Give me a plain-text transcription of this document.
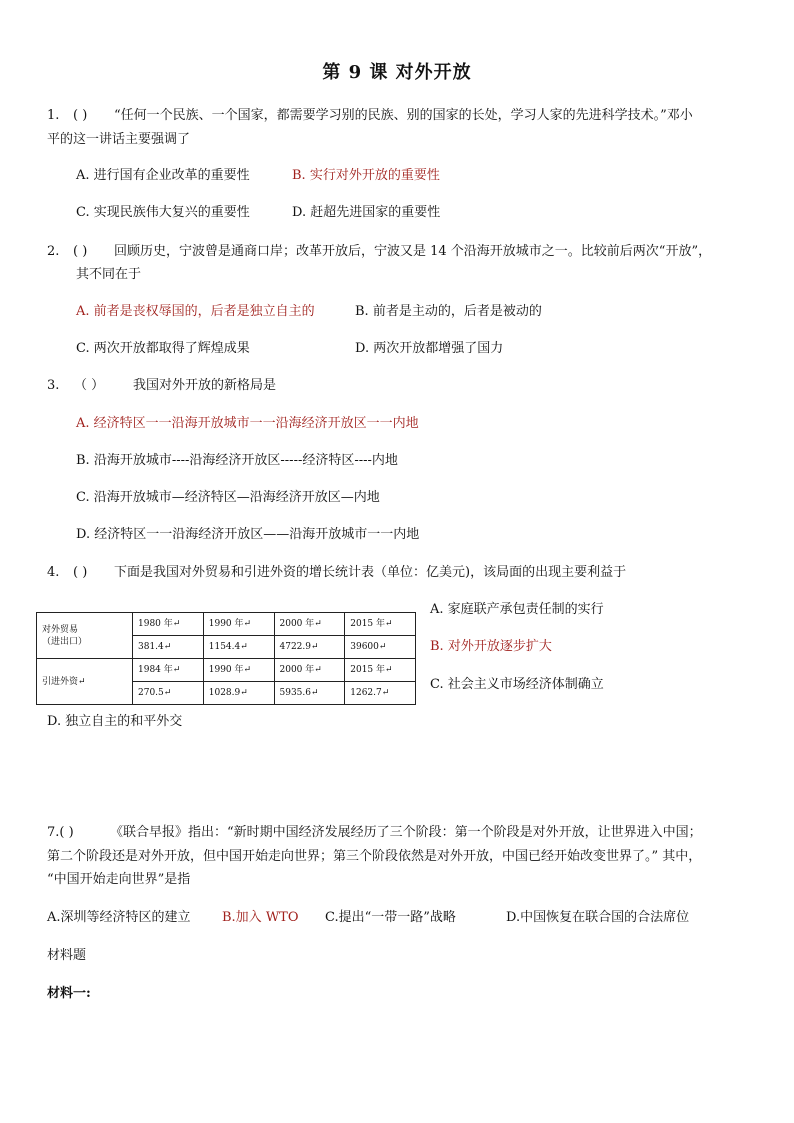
第 9 课 对外开放
1. ( ) “任何一个民族、一个国家，都需要学习别的民族、别的国家的长处，学习人家的先进科学技术。”邓小
平的这一讲话主要强调了
A. 进行国有企业改革的重要性	B. 实行对外开放的重要性
C. 实现民族伟大复兴的重要性	D. 赶超先进国家的重要性
2. ( ) 回顾历史，宁波曾是通商口岸；改革开放后，宁波又是 14 个沿海开放城市之一。比较前后两次“开放”，
其不同在于
A. 前者是丧权辱国的，后者是独立自主的	B. 前者是主动的，后者是被动的
C. 两次开放都取得了辉煌成果	D. 两次开放都增强了国力
3. （ ） 我国对外开放的新格局是
A. 经济特区一一沿海开放城市一一沿海经济开放区一一内地
B. 沿海开放城市----沿海经济开放区-----经济特区----内地
C. 沿海开放城市—经济特区—沿海经济开放区—内地
D. 经济特区一一沿海经济开放区——沿海开放城市一一内地
4. ( ) 下面是我国对外贸易和引进外资的增长统计表（单位：亿美元)，该局面的出现主要利益于
对外贸易
（进出口）	1980 年↵	1990 年↵	2000 年↵	2015 年↵
	381.4↵	1154.4↵	4722.9↵	39600↵
引进外资↵	1984 年↵	1990 年↵	2000 年↵	2015 年↵
	270.5↵	1028.9↵	5935.6↵	1262.7↵
A. 家庭联产承包责任制的实行
B. 对外开放逐步扩大
C. 社会主义市场经济体制确立
D. 独立自主的和平外交
7.( )	《联合早报》指出：“新时期中国经济发展经历了三个阶段：第一个阶段是对外开放，让世界进入中国；
第二个阶段还是对外开放，但中国开始走向世界；第三个阶段依然是对外开放，中国已经开始改变世界了。” 其中，
“中国开始走向世界”是指
A.深圳等经济特区的建立 B.加入 WTO C.提出“一带一路”战略	D.中国恢复在联合国的合法席位
材料题
材料一:
